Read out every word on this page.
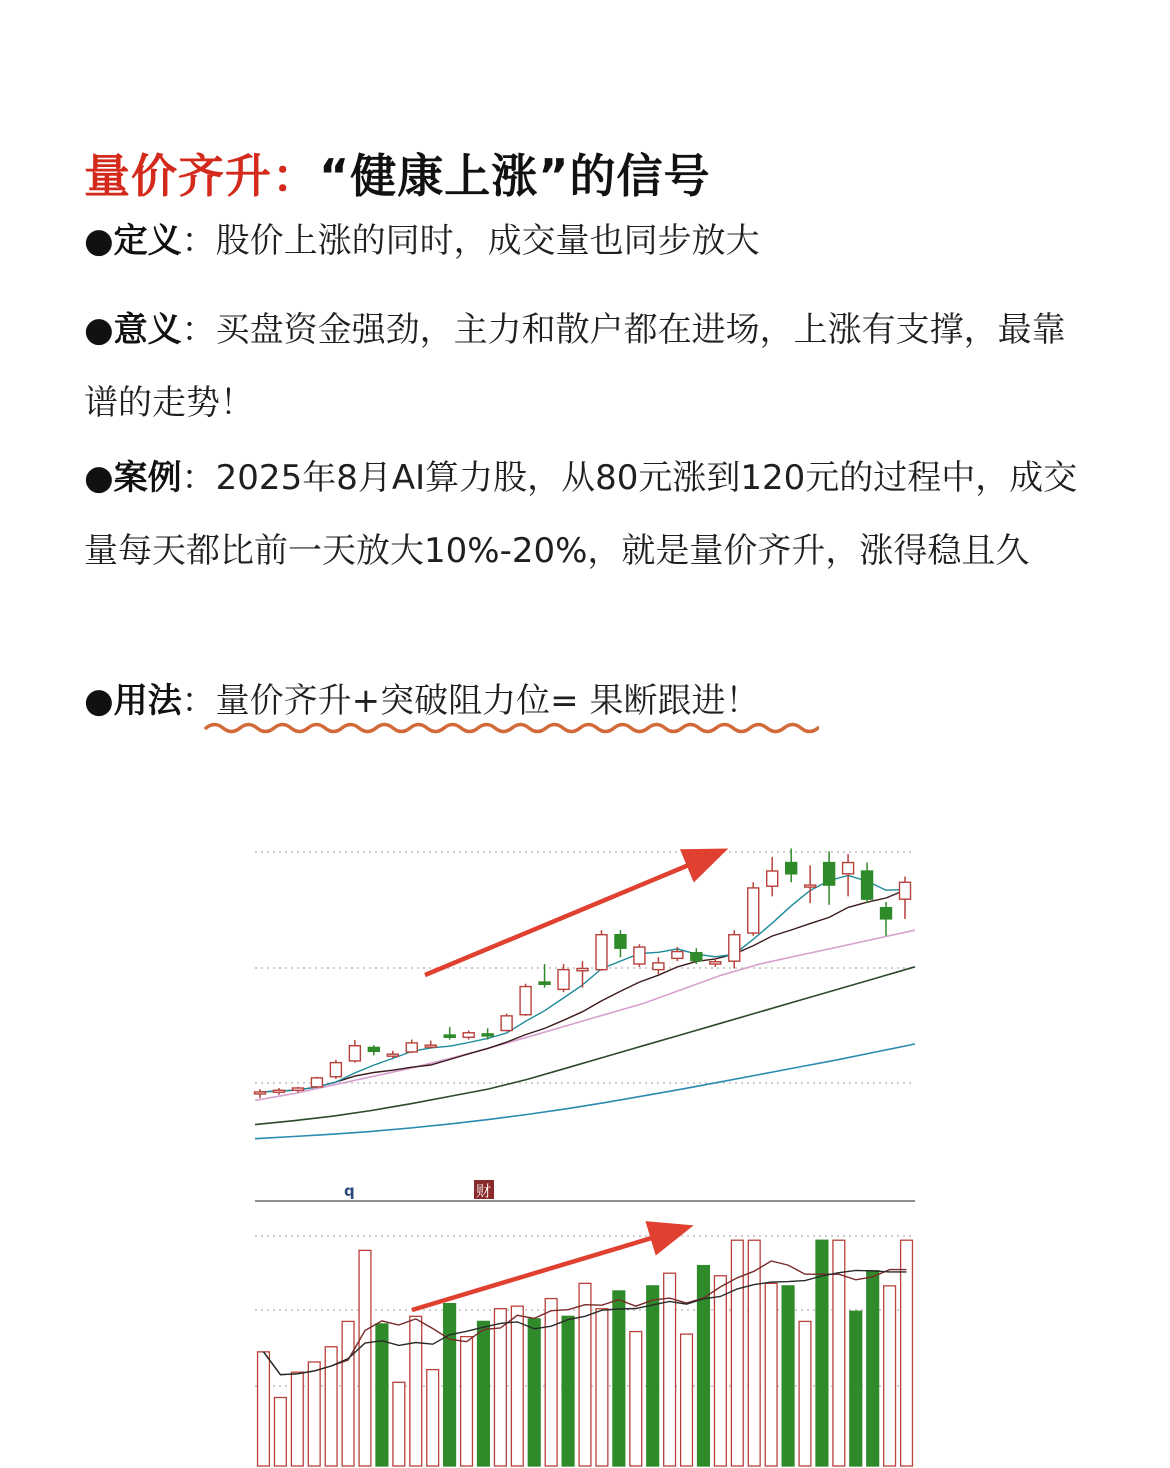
量价齐升：“健康上涨”的信号
●定义：股价上涨的同时，成交量也同步放大
●意义：买盘资金强劲，主力和散户都在进场，上涨有支撑，最靠谱的走势！
●案例：2025年8月AI算力股，从80元涨到120元的过程中，成交量每天都比前一天放大10%-20%，就是量价齐升，涨得稳且久
●用法：量价齐升+突破阻力位= 果断跟进！
q	财
